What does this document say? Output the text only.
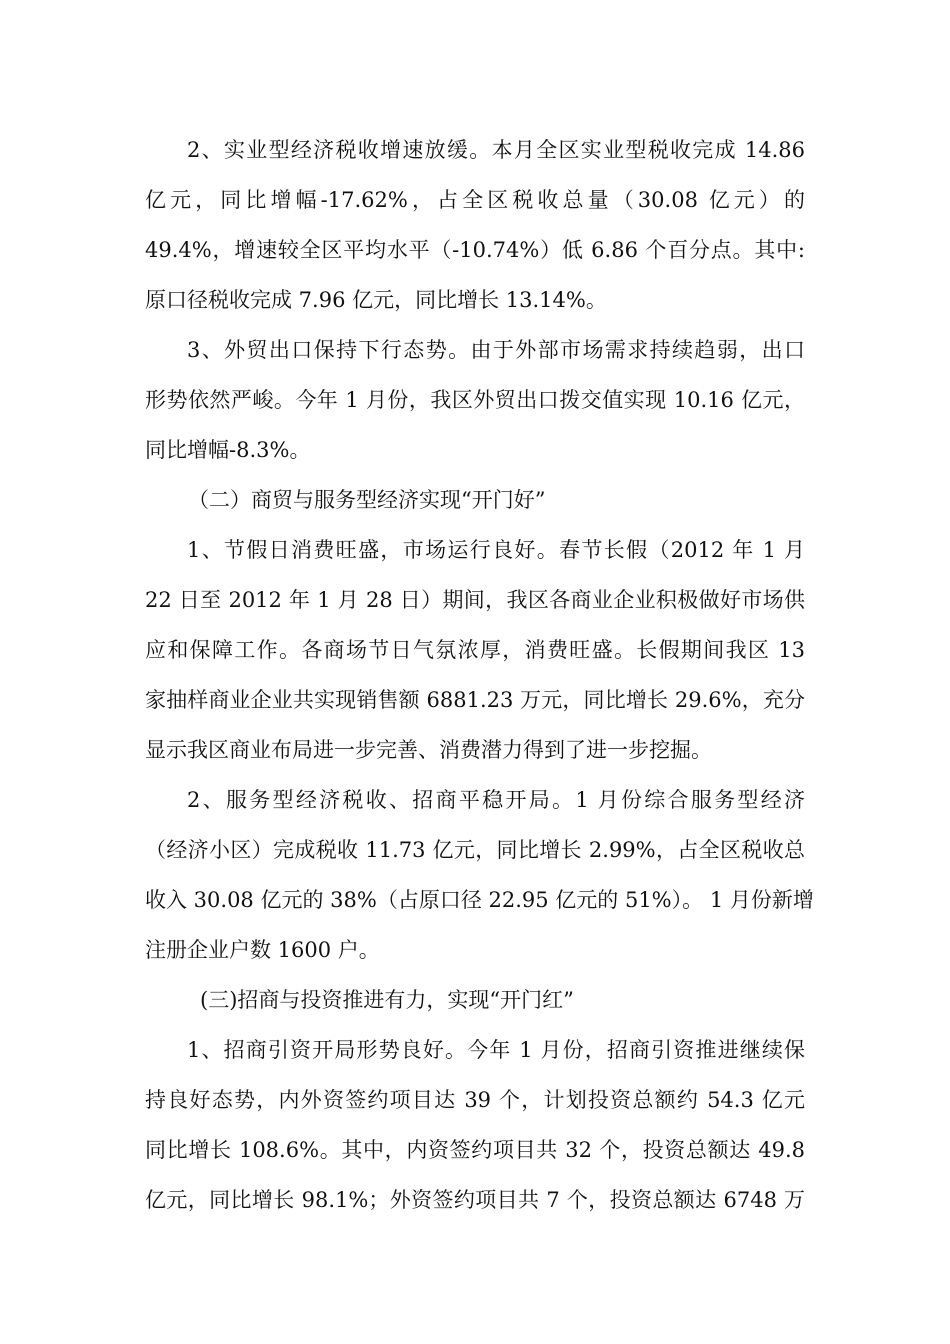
2、实业型经济税收增速放缓。本月全区实业型税收完成 14.86
亿元，同比增幅-17.62%，占全区税收总量（30.08 亿元）的
49.4%，增速较全区平均水平（-10.74%）低 6.86 个百分点。其中:
原口径税收完成 7.96 亿元，同比增长 13.14%。
3、外贸出口保持下行态势。由于外部市场需求持续趋弱，出口
形势依然严峻。今年 1 月份，我区外贸出口拨交值实现 10.16 亿元，
同比增幅-8.3%。
（二）商贸与服务型经济实现“开门好”
1、节假日消费旺盛，市场运行良好。春节长假（2012 年 1 月
22 日至 2012 年 1 月 28 日）期间，我区各商业企业积极做好市场供
应和保障工作。各商场节日气氛浓厚，消费旺盛。长假期间我区 13
家抽样商业企业共实现销售额 6881.23 万元，同比增长 29.6%，充分
显示我区商业布局进一步完善、消费潜力得到了进一步挖掘。
2、服务型经济税收、招商平稳开局。1 月份综合服务型经济
（经济小区）完成税收 11.73 亿元，同比增长 2.99%，占全区税收总
收入 30.08 亿元的 38%（占原口径 22.95 亿元的 51%）。 1 月份新增
注册企业户数 1600 户。
(三)招商与投资推进有力，实现“开门红”
1、招商引资开局形势良好。今年 1 月份，招商引资推进继续保
持良好态势，内外资签约项目达 39 个，计划投资总额约 54.3 亿元
同比增长 108.6%。其中，内资签约项目共 32 个，投资总额达 49.8
亿元，同比增长 98.1%；外资签约项目共 7 个，投资总额达 6748 万
